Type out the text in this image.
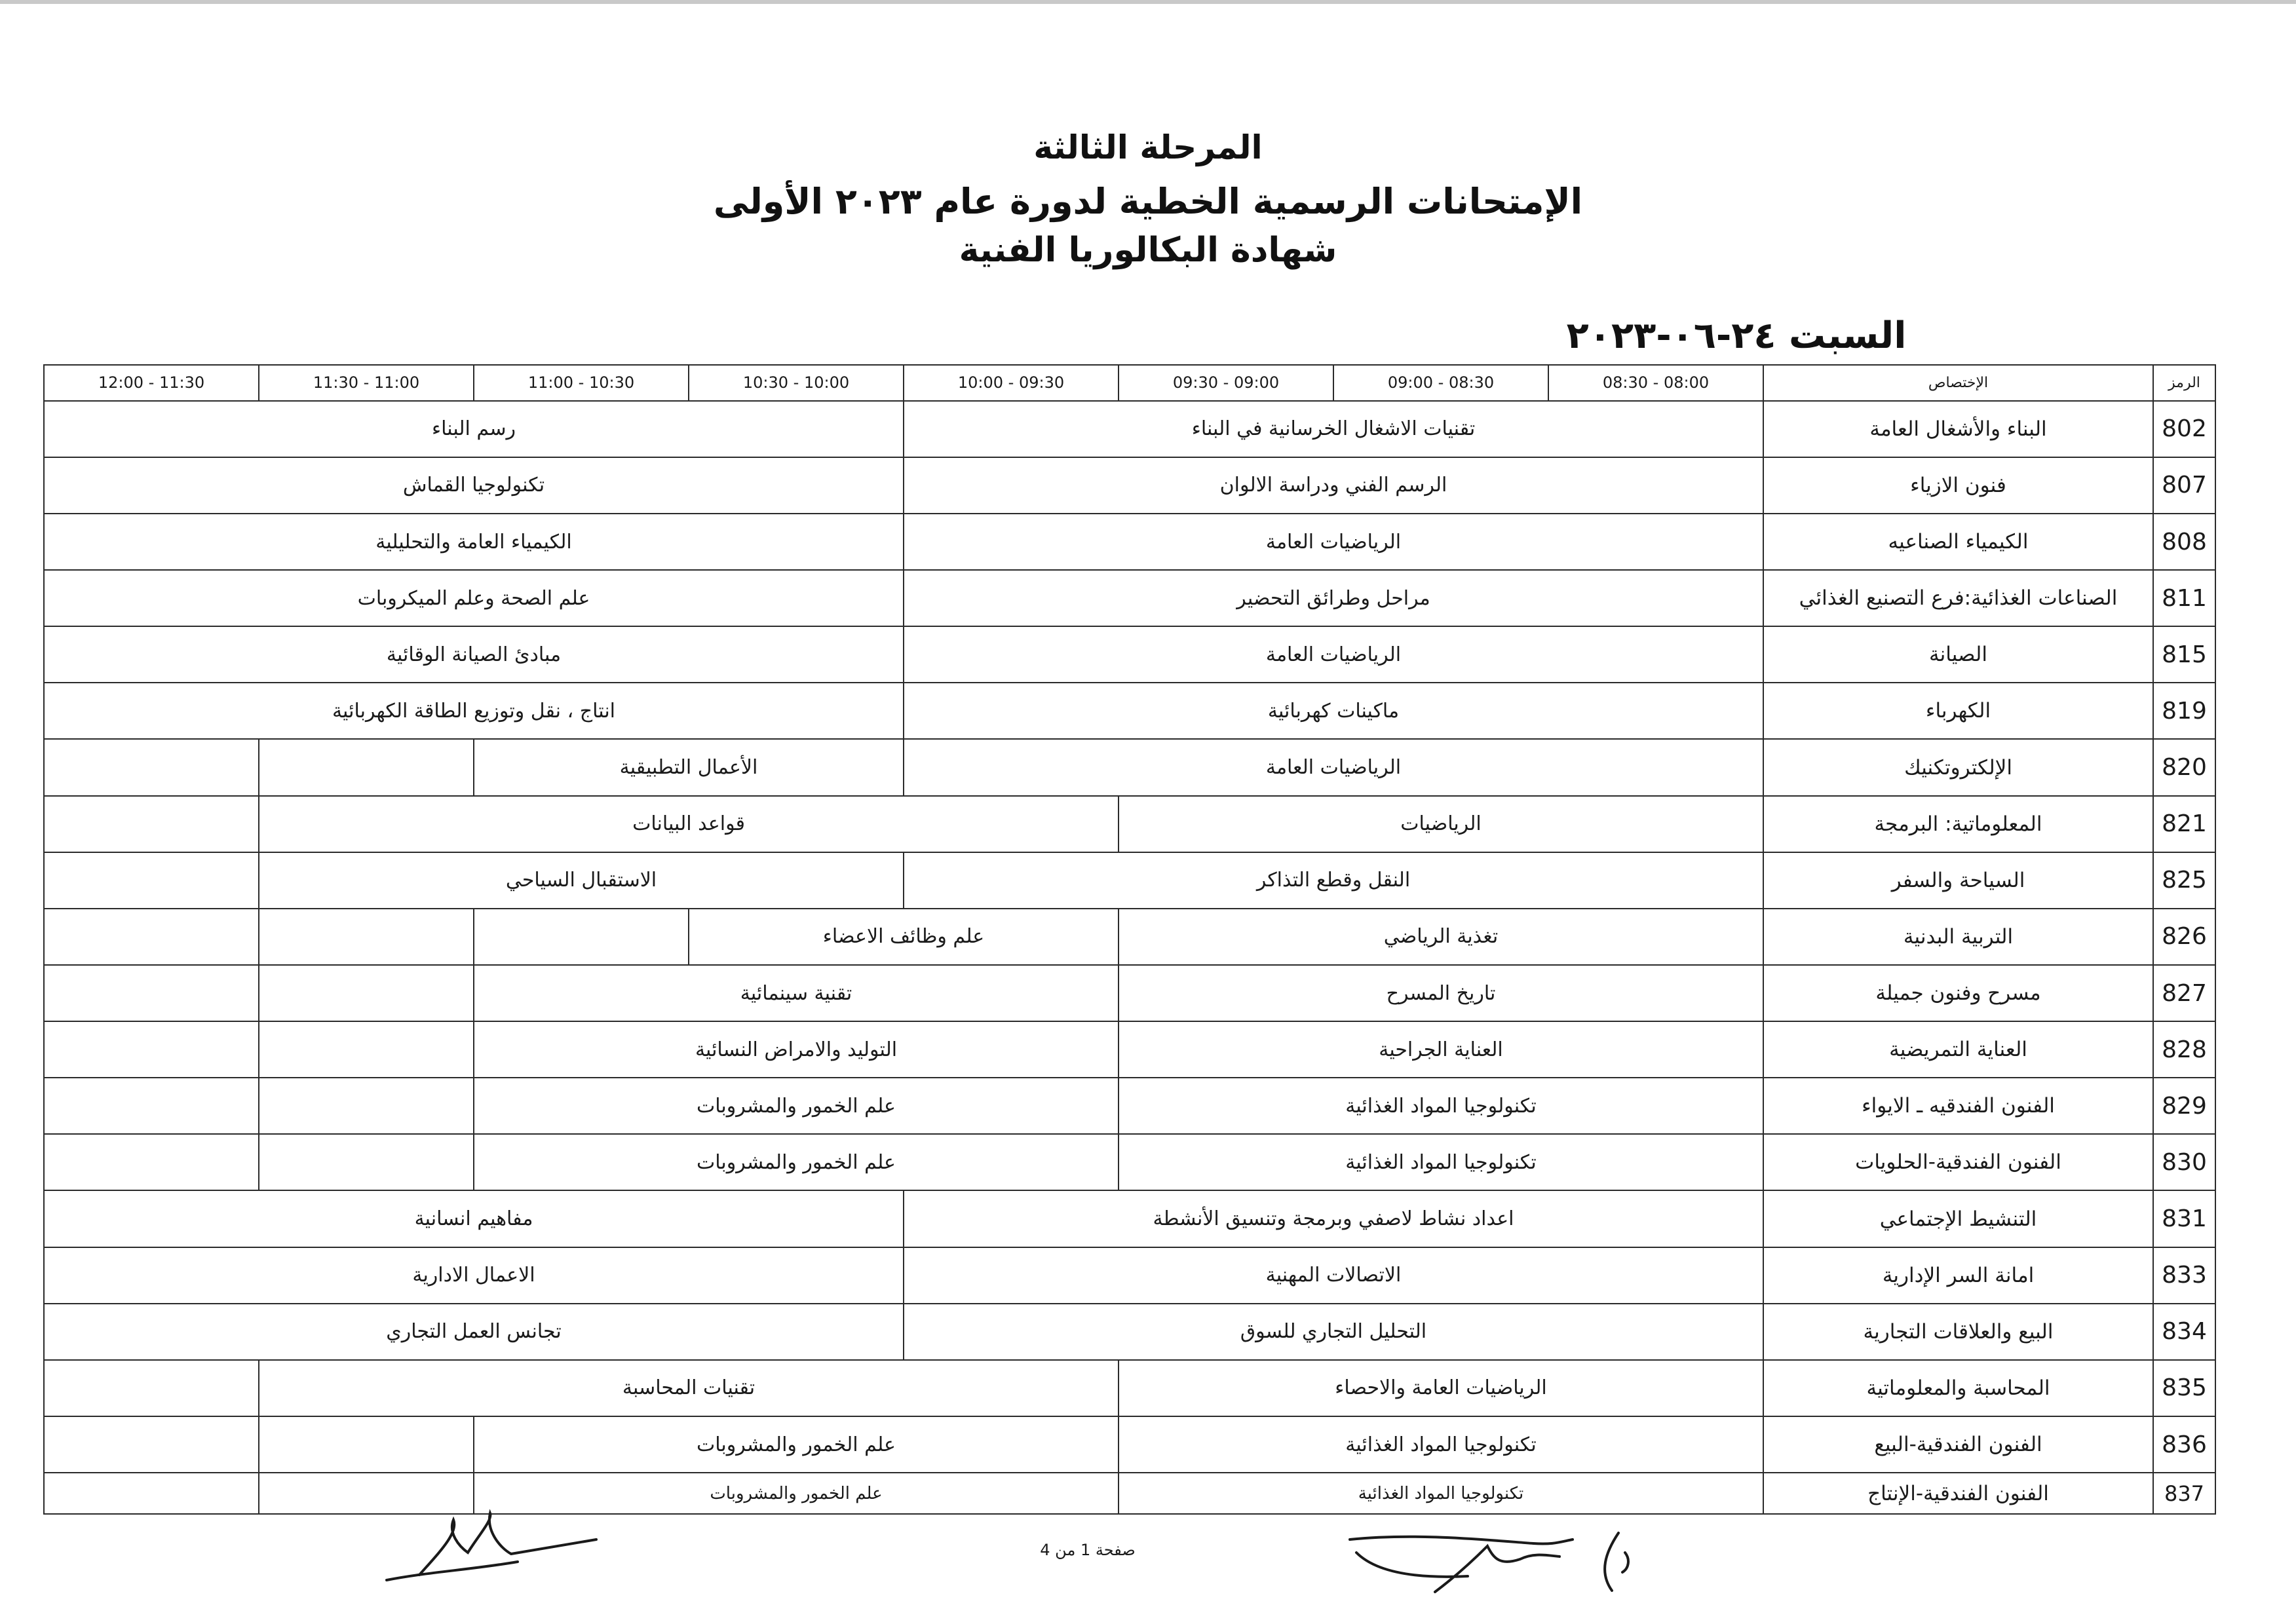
المرحلة الثالثة
الإمتحانات الرسمية الخطية لدورة عام ٢٠٢٣ الأولى
شهادة البكالوريا الفنية
السبت ٢٤-٠٦-٢٠٢٣
12:00 - 11:30	11:30 - 11:00	11:00 - 10:30	10:30 - 10:00	10:00 - 09:30	09:30 - 09:00	09:00 - 08:30	08:30 - 08:00	الإختصاص	الرمز
رسم البناء				تقنيات الاشغال الخرسانية في البناء				البناء والأشغال العامة	802
تكنولوجيا القماش				الرسم الفني ودراسة الالوان				فنون الازياء	807
الكيمياء العامة والتحليلية				الرياضيات العامة				الكيمياء الصناعيه	808
علم الصحة وعلم الميكروبات				مراحل وطرائق التحضير				الصناعات الغذائية:فرع التصنيع الغذائي	811
مبادئ الصيانة الوقائية				الرياضيات العامة				الصيانة	815
انتاج ، نقل وتوزيع الطاقة الكهربائية				ماكينات كهربائية				الكهرباء	819
		الأعمال التطبيقية		الرياضيات العامة				الإلكتروتكنيك	820
	قواعد البيانات				الرياضيات			المعلوماتية: البرمجة	821
	الاستقبال السياحي			النقل وقطع التذاكر				السياحة والسفر	825
			علم وظائف الاعضاء		تغذية الرياضي			التربية البدنية	826
		تقنية سينمائية			تاريخ المسرح			مسرح وفنون جميلة	827
		التوليد والامراض النسائية			العناية الجراحية			العناية التمريضية	828
		علم الخمور والمشروبات			تكنولوجيا المواد الغذائية			الفنون الفندقيه ـ الايواء	829
		علم الخمور والمشروبات			تكنولوجيا المواد الغذائية			الفنون الفندقية-الحلويات	830
مفاهيم انسانية				اعداد نشاط لاصفي وبرمجة وتنسيق الأنشطة				التنشيط الإجتماعي	831
الاعمال الادارية				الاتصالات المهنية				امانة السر الإدارية	833
تجانس العمل التجاري				التحليل التجاري للسوق				البيع والعلاقات التجارية	834
	تقنيات المحاسبة				الرياضيات العامة والاحصاء			المحاسبة والمعلوماتية	835
		علم الخمور والمشروبات			تكنولوجيا المواد الغذائية			الفنون الفندقية-البيع	836
		علم الخمور والمشروبات			تكنولوجيا المواد الغذائية			الفنون الفندقية-الإنتاج	837
صفحة 1 من 4
